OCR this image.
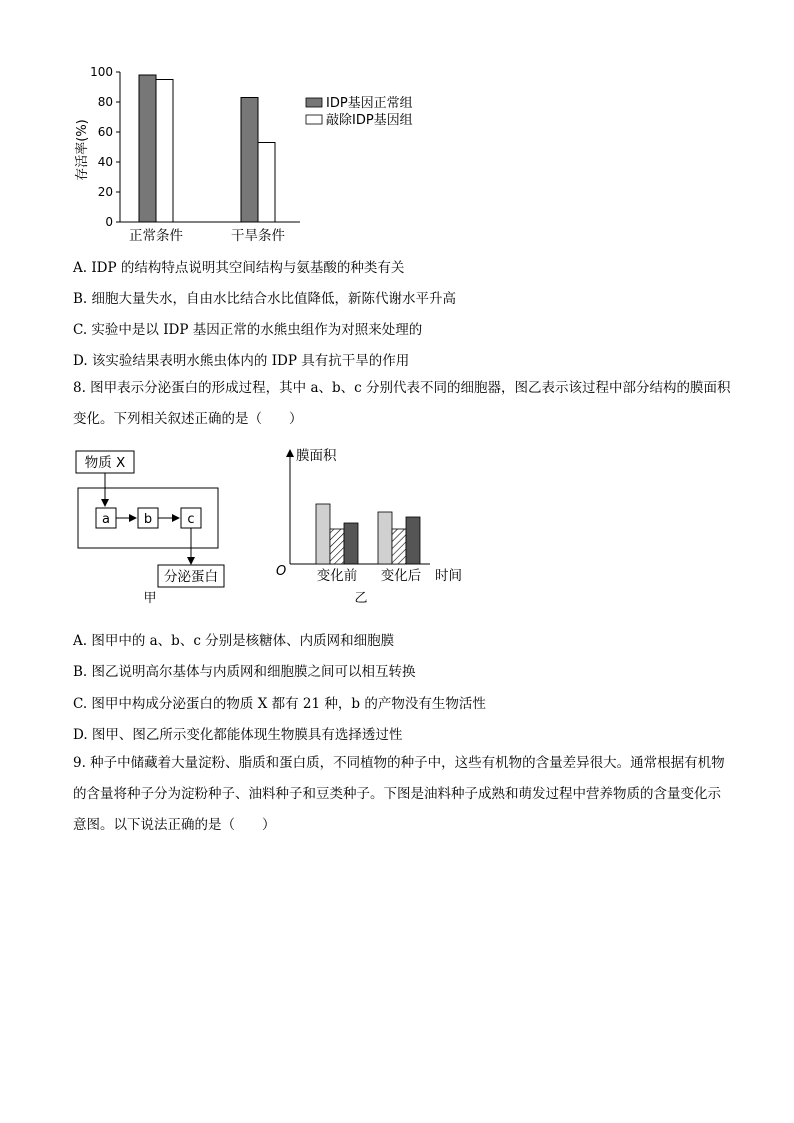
存活率(%)
0
20
40
60
80
100
正常条件	干旱条件
IDP基因正常组
敲除IDP基因组
A. IDP 的结构特点说明其空间结构与氨基酸的种类有关
B. 细胞大量失水，自由水比结合水比值降低，新陈代谢水平升高
C. 实验中是以 IDP 基因正常的水熊虫组作为对照来处理的
D. 该实验结果表明水熊虫体内的 IDP 具有抗干旱的作用
8. 图甲表示分泌蛋白的形成过程，其中 a、b、c 分别代表不同的细胞器，图乙表示该过程中部分结构的膜面积变化。下列相关叙述正确的是（　　）
物质 X
a	b	c
分泌蛋白
甲
膜面积
O 变化前 变化后 时间
乙
A. 图甲中的 a、b、c 分别是核糖体、内质网和细胞膜
B. 图乙说明高尔基体与内质网和细胞膜之间可以相互转换
C. 图甲中构成分泌蛋白的物质 X 都有 21 种，b 的产物没有生物活性
D. 图甲、图乙所示变化都能体现生物膜具有选择透过性
9. 种子中储藏着大量淀粉、脂质和蛋白质，不同植物的种子中，这些有机物的含量差异很大。通常根据有机物的含量将种子分为淀粉种子、油料种子和豆类种子。下图是油料种子成熟和萌发过程中营养物质的含量变化示意图。以下说法正确的是（　　）
